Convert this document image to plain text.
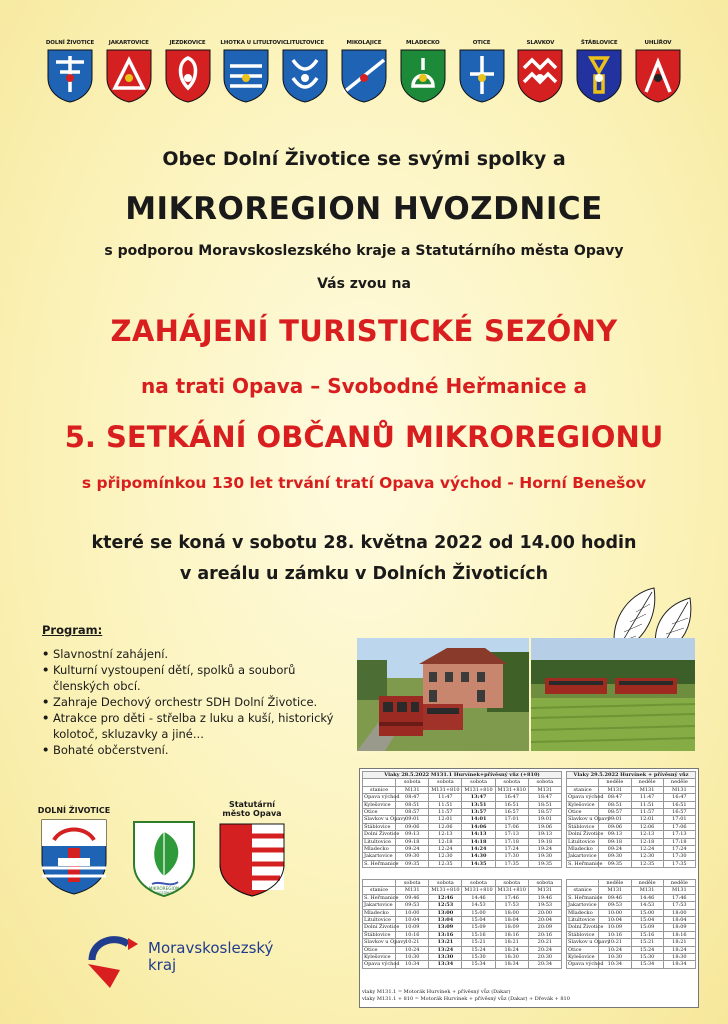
DOLNÍ ŽIVOTICE	JAKARTOVICE	JEZDKOVICE	LHOTKA U LITULTOVIC LITULTOVICE	MIKOLAJICE	MLADECKO	OTICE	SLAVKOV	ŠTÁBLOVICE	UHLÍŘOV
Obec Dolní Životice se svými spolky a
MIKROREGION HVOZDNICE
s podporou Moravskoslezského kraje a Statutárního města Opavy
Vás zvou na
ZAHÁJENÍ TURISTICKÉ SEZÓNY
na trati Opava – Svobodné Heřmanice a
5. SETKÁNÍ OBČANŮ MIKROREGIONU
s připomínkou 130 let trvání tratí Opava východ - Horní Benešov
které se koná v sobotu 28. května 2022 od 14.00 hodin
v areálu u zámku v Dolních Životicích
Program:
• Slavnostní zahájení.
• Kulturní vystoupení dětí, spolků a souborů členských obcí.
• Zahraje Dechový orchestr SDH Dolní Životice.
• Atrakce pro děti - střelba z luku a kuší, historický kolotoč, skluzavky a jiné...
• Bohaté občerstvení.
Vlaky 28.5.2022 M131.1 Hurvínek+přívěsný vůz (+810)					
	sobota	sobota	sobota	sobota	sobota
stanice	M131	M131+810	M131+810	M131+810	M131
Opava východ	08:47	11:47	13:47	16:47	18:47
Kylešovice	08:51	11:51	13:51	16:51	18:51
Otice	08:57	11:57	13:57	16:57	18:57
Slavkov u Opavy	09:01	12:01	14:01	17:01	19:01
Štáblovice	09:06	12:06	14:06	17:06	19:06
Dolní Životice	09:13	12:13	14:13	17:13	19:13
Litultovice	09:18	12:18	14:18	17:18	19:18
Mladecko	09:24	12:24	14:24	17:24	19:24
Jakartovice	09:30	12:30	14:30	17:30	19:30
S. Heřmanice	09:35	12:35	14:35	17:35	19:35
Vlaky 29.5.2022 Hurvínek + přívěsný vůz			
	neděle	neděle	neděle
stanice	M131	M131	M131
Opava východ	08:47	11:47	16:47
Kylešovice	08:51	11:51	16:51
Otice	08:57	11:57	16:57
Slavkov u Opavy	09:01	12:01	17:01
Štáblovice	09:06	12:06	17:06
Dolní Životice	09:13	12:13	17:13
Litultovice	09:18	12:18	17:18
Mladecko	09:24	12:24	17:24
Jakartovice	09:30	12:30	17:30
S. Heřmanice	09:35	12:35	17:35
	sobota	sobota	sobota	sobota	sobota
stanice	M131	M131+810	M131+810	M131+810	M131
S. Heřmanice	09:46	12:46	14:46	17:46	19:46
Jakartovice	09:53	12:53	14:53	17:53	19:53
Mladecko	10:00	13:00	15:00	18:00	20:00
Litultovice	10:04	13:04	15:04	18:04	20:04
Dolní Životice	10:09	13:09	15:09	18:09	20:09
Štáblovice	10:16	13:16	15:16	18:16	20:16
Slavkov u Opavy	10:21	13:21	15:21	18:21	20:21
Otice	10:24	13:24	15:24	18:24	20:24
Kylešovice	10:30	13:30	15:30	18:30	20:30
Opava východ	10:34	13:34	15:34	18:34	20:34
	neděle	neděle	neděle
stanice	M131	M131	M131
S. Heřmanice	09:46	14:46	17:46
Jakartovice	09:53	14:53	17:53
Mladecko	10:00	15:00	18:00
Litultovice	10:04	15:04	18:04
Dolní Životice	10:09	15:09	18:09
Štáblovice	10:16	15:16	18:16
Slavkov u Opavy	10:21	15:21	18:21
Otice	10:24	15:24	18:24
Kylešovice	10:30	15:30	18:30
Opava východ	10:34	15:34	18:34
vlaky M131.1 = Motorák Hurvínek + přívěsný vůz (Dakar)
vlaky M131.1 + 810 = Motorák Hurvínek + přívěsný vůz (Dakar) + Dřevák + 810
DOLNÍ ŽIVOTICE
MIKROREGION
HVOZDNICE
Statutární
město Opava
Moravskoslezský
kraj
